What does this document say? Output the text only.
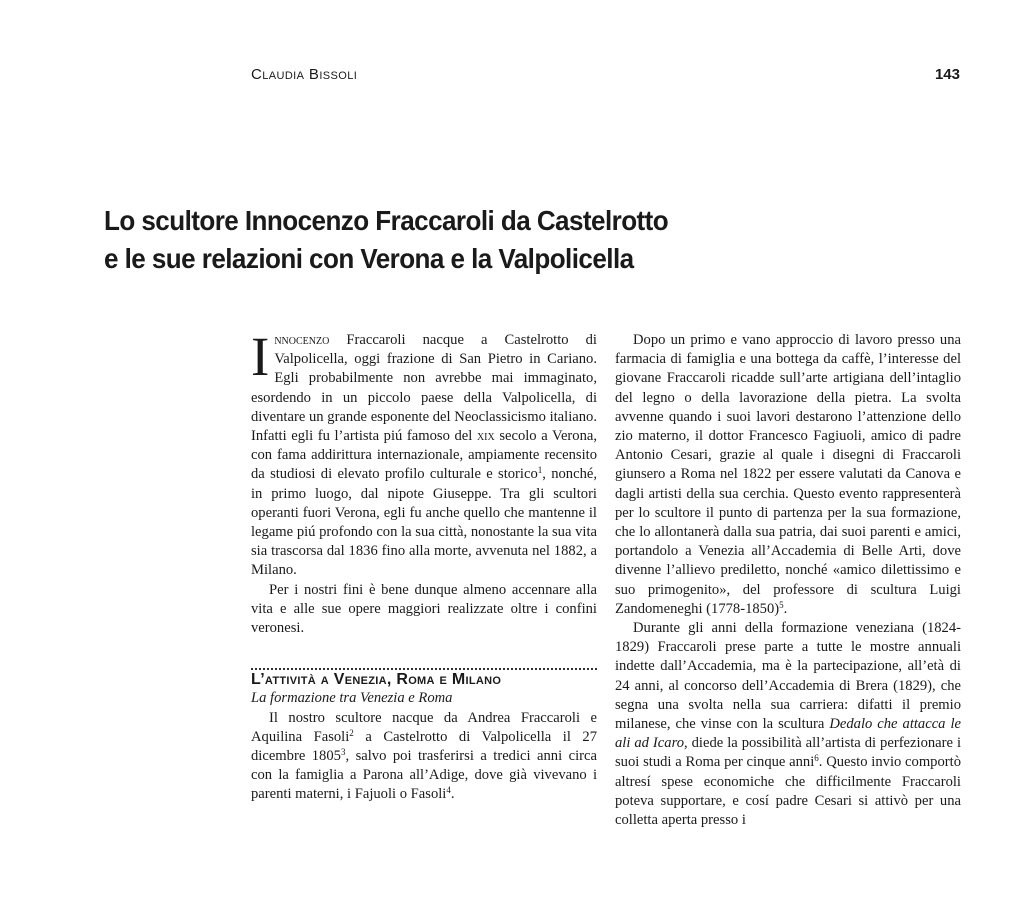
Claudia Bissoli	143
Lo scultore Innocenzo Fraccaroli da Castelrotto
e le sue relazioni con Verona e la Valpolicella

Innocenzo Fraccaroli nacque a Castelrotto di Valpolicella, oggi frazione di San Pietro in Cariano. Egli probabilmente non avrebbe mai immaginato, esordendo in un piccolo paese della Valpolicella, di diventare un grande esponente del Neoclassicismo italiano. Infatti egli fu l’artista piú famoso del xix secolo a Verona, con fama addirittura internazionale, ampiamente recensito da studiosi di elevato profilo culturale e storico$^1$, nonché, in primo luogo, dal nipote Giuseppe. Tra gli scultori operanti fuori Verona, egli fu anche quello che mantenne il legame piú profondo con la sua città, nonostante la sua vita sia trascorsa dal 1836 fino alla morte, avvenuta nel 1882, a Milano.

Per i nostri fini è bene dunque almeno accennare alla vita e alle sue opere maggiori realizzate oltre i confini veronesi.

L’attività a Venezia, Roma e Milano

La formazione tra Venezia e Roma

Il nostro scultore nacque da Andrea Fraccaroli e Aquilina Fasoli$^2$ a Castelrotto di Valpolicella il 27 dicembre 1805$^3$, salvo poi trasferirsi a tredici anni circa con la famiglia a Parona all’Adige, dove già vivevano i parenti materni, i Fajuoli o Fasoli$^4$.

Dopo un primo e vano approccio di lavoro presso una farmacia di famiglia e una bottega da caffè, l’interesse del giovane Fraccaroli ricadde sull’arte artigiana dell’intaglio del legno o della lavorazione della pietra. La svolta avvenne quando i suoi lavori destarono l’attenzione dello zio materno, il dottor Francesco Fagiuoli, amico di padre Antonio Cesari, grazie al quale i disegni di Fraccaroli giunsero a Roma nel 1822 per essere valutati da Canova e dagli artisti della sua cerchia. Questo evento rappresenterà per lo scultore il punto di partenza per la sua formazione, che lo allontanerà dalla sua patria, dai suoi parenti e amici, portandolo a Venezia all’Accademia di Belle Arti, dove divenne l’allievo prediletto, nonché «amico dilettissimo e suo primogenito», del professore di scultura Luigi Zandomeneghi (1778-1850)$^5$.

Durante gli anni della formazione veneziana (1824-1829) Fraccaroli prese parte a tutte le mostre annuali indette dall’Accademia, ma è la partecipazione, all’età di 24 anni, al concorso dell’Accademia di Brera (1829), che segna una svolta nella sua carriera: difatti il premio milanese, che vinse con la scultura Dedalo che attacca le ali ad Icaro, diede la possibilità all’artista di perfezionare i suoi studi a Roma per cinque anni$^6$. Questo invio comportò altresí spese economiche che difficilmente Fraccaroli poteva supportare, e cosí padre Cesari si attivò per una colletta aperta presso i
